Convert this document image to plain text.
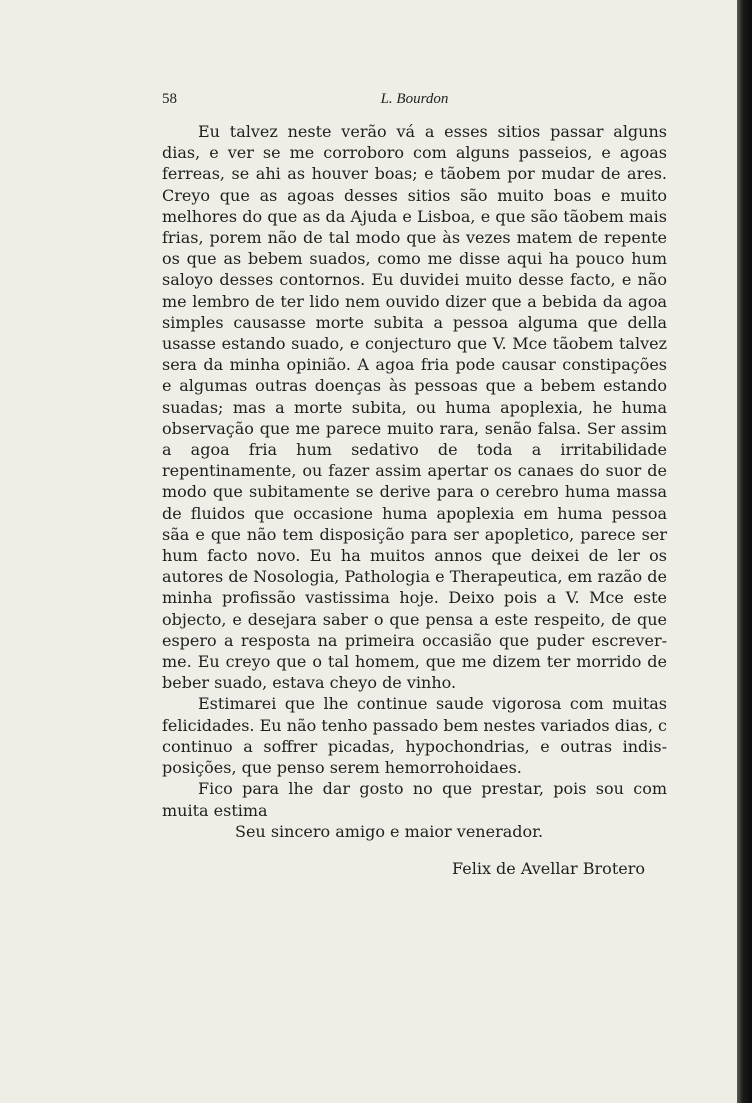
58	L. Bourdon

Eu talvez neste verão vá a esses sitios passar alguns dias, e ver se me corroboro com alguns passeios, e agoas ferreas, se ahi as houver boas; e tãobem por mudar de ares. Creyo que as agoas desses sitios são muito boas e muito melhores do que as da Ajuda e Lisboa, e que são tãobem mais frias, porem não de tal modo que às vezes matem de repente os que as bebem suados, como me disse aqui ha pouco hum saloyo desses contornos. Eu duvidei muito desse facto, e não me lembro de ter lido nem ouvido dizer que a bebida da agoa simples causasse morte subita a pessoa alguma que della usasse estando suado, e conjecturo que V. Mce tãobem talvez sera da minha opinião. A agoa fria pode causar constipações e algumas outras doenças às pessoas que a bebem estando suadas; mas a morte subita, ou huma apoplexia, he huma observação que me parece muito rara, senão falsa. Ser assim a agoa fria hum sedativo de toda a irritabilidade repentinamente, ou fazer assim apertar os canaes do suor de modo que subitamente se derive para o cerebro huma massa de fluidos que occasione huma apoplexia em huma pessoa sãa e que não tem disposição para ser apopletico, parece ser hum facto novo. Eu ha muitos annos que deixei de ler os autores de Nosologia, Pathologia e Therapeutica, em razão de minha profissão vastissima hoje. Deixo pois a V. Mce este objecto, e desejara saber o que pensa a este respeito, de que espero a resposta na primeira occasião que puder escrever-me. Eu creyo que o tal homem, que me dizem ter morrido de beber suado, estava cheyo de vinho.

Estimarei que lhe continue saude vigorosa com muitas felicidades. Eu não tenho passado bem nestes variados dias, c continuo a soffrer picadas, hypochondrias, e outras indisposições, que penso serem hemorrohoidaes.

Fico para lhe dar gosto no que prestar, pois sou com muita estima

Seu sincero amigo e maior venerador.

Felix de Avellar Brotero
